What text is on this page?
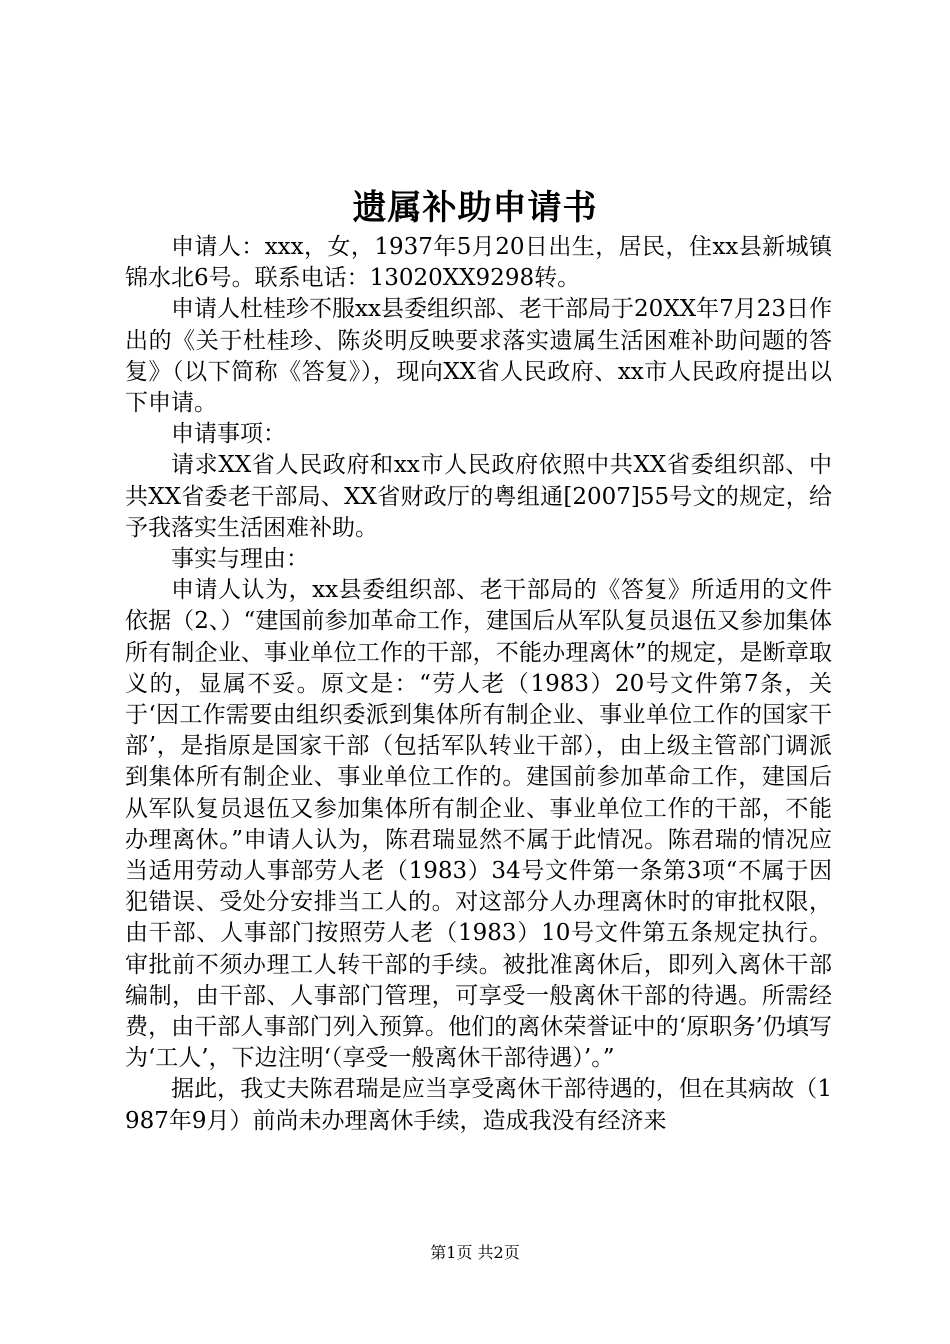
遗属补助申请书

申请人：xxx，女，1937年5月20日出生，居民，住xx县新城镇锦水北6号。联系电话：13020XX9298转。

申请人杜桂珍不服xx县委组织部、老干部局于20XX年7月23日作出的《关于杜桂珍、陈炎明反映要求落实遗属生活困难补助问题的答复》（以下简称《答复》），现向XX省人民政府、xx市人民政府提出以下申请。

申请事项：

请求XX省人民政府和xx市人民政府依照中共XX省委组织部、中共XX省委老干部局、XX省财政厅的粤组通[2007]55号文的规定，给予我落实生活困难补助。

事实与理由：

申请人认为，xx县委组织部、老干部局的《答复》所适用的文件依据（2、）“建国前参加革命工作，建国后从军队复员退伍又参加集体所有制企业、事业单位工作的干部，不能办理离休”的规定，是断章取义的，显属不妥。原文是：“劳人老（1983）20号文件第7条，关于‘因工作需要由组织委派到集体所有制企业、事业单位工作的国家干部’，是指原是国家干部（包括军队转业干部），由上级主管部门调派到集体所有制企业、事业单位工作的。建国前参加革命工作，建国后从军队复员退伍又参加集体所有制企业、事业单位工作的干部，不能办理离休。”申请人认为，陈君瑞显然不属于此情况。陈君瑞的情况应当适用劳动人事部劳人老（1983）34号文件第一条第3项“不属于因犯错误、受处分安排当工人的。对这部分人办理离休时的审批权限，由干部、人事部门按照劳人老（1983）10号文件第五条规定执行。审批前不须办理工人转干部的手续。被批准离休后，即列入离休干部编制，由干部、人事部门管理，可享受一般离休干部的待遇。所需经费，由干部人事部门列入预算。他们的离休荣誉证中的‘原职务’仍填写为‘工人’，下边注明‘（享受一般离休干部待遇）’。”

据此，我丈夫陈君瑞是应当享受离休干部待遇的，但在其病故（1987年9月）前尚未办理离休手续，造成我没有经济来

第1页 共2页
